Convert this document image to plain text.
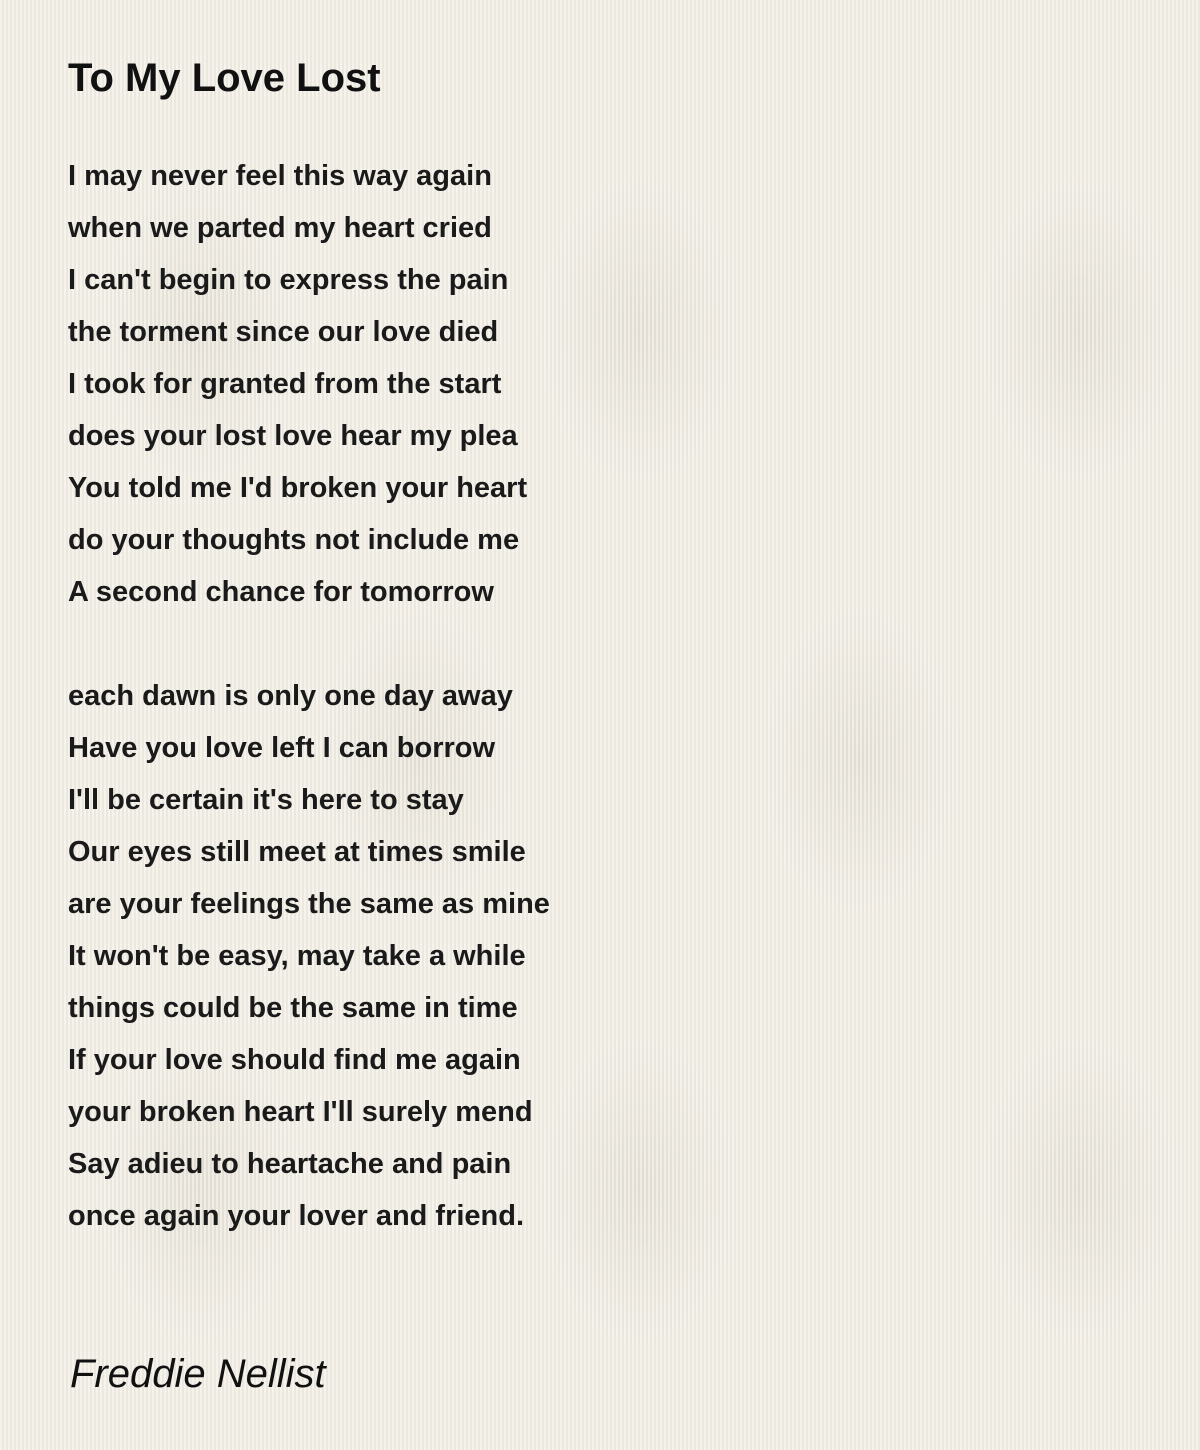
To My Love Lost
I may never feel this way again
when we parted my heart cried
I can't begin to express the pain
the torment since our love died
I took for granted from the start
does your lost love hear my plea
You told me I'd broken your heart
do your thoughts not include me
A second chance for tomorrow
each dawn is only one day away
Have you love left I can borrow
I'll be certain it's here to stay
Our eyes still meet at times smile
are your feelings the same as mine
It won't be easy, may take a while
things could be the same in time
If your love should find me again
your broken heart I'll surely mend
Say adieu to heartache and pain
once again your lover and friend.

Freddie Nellist
